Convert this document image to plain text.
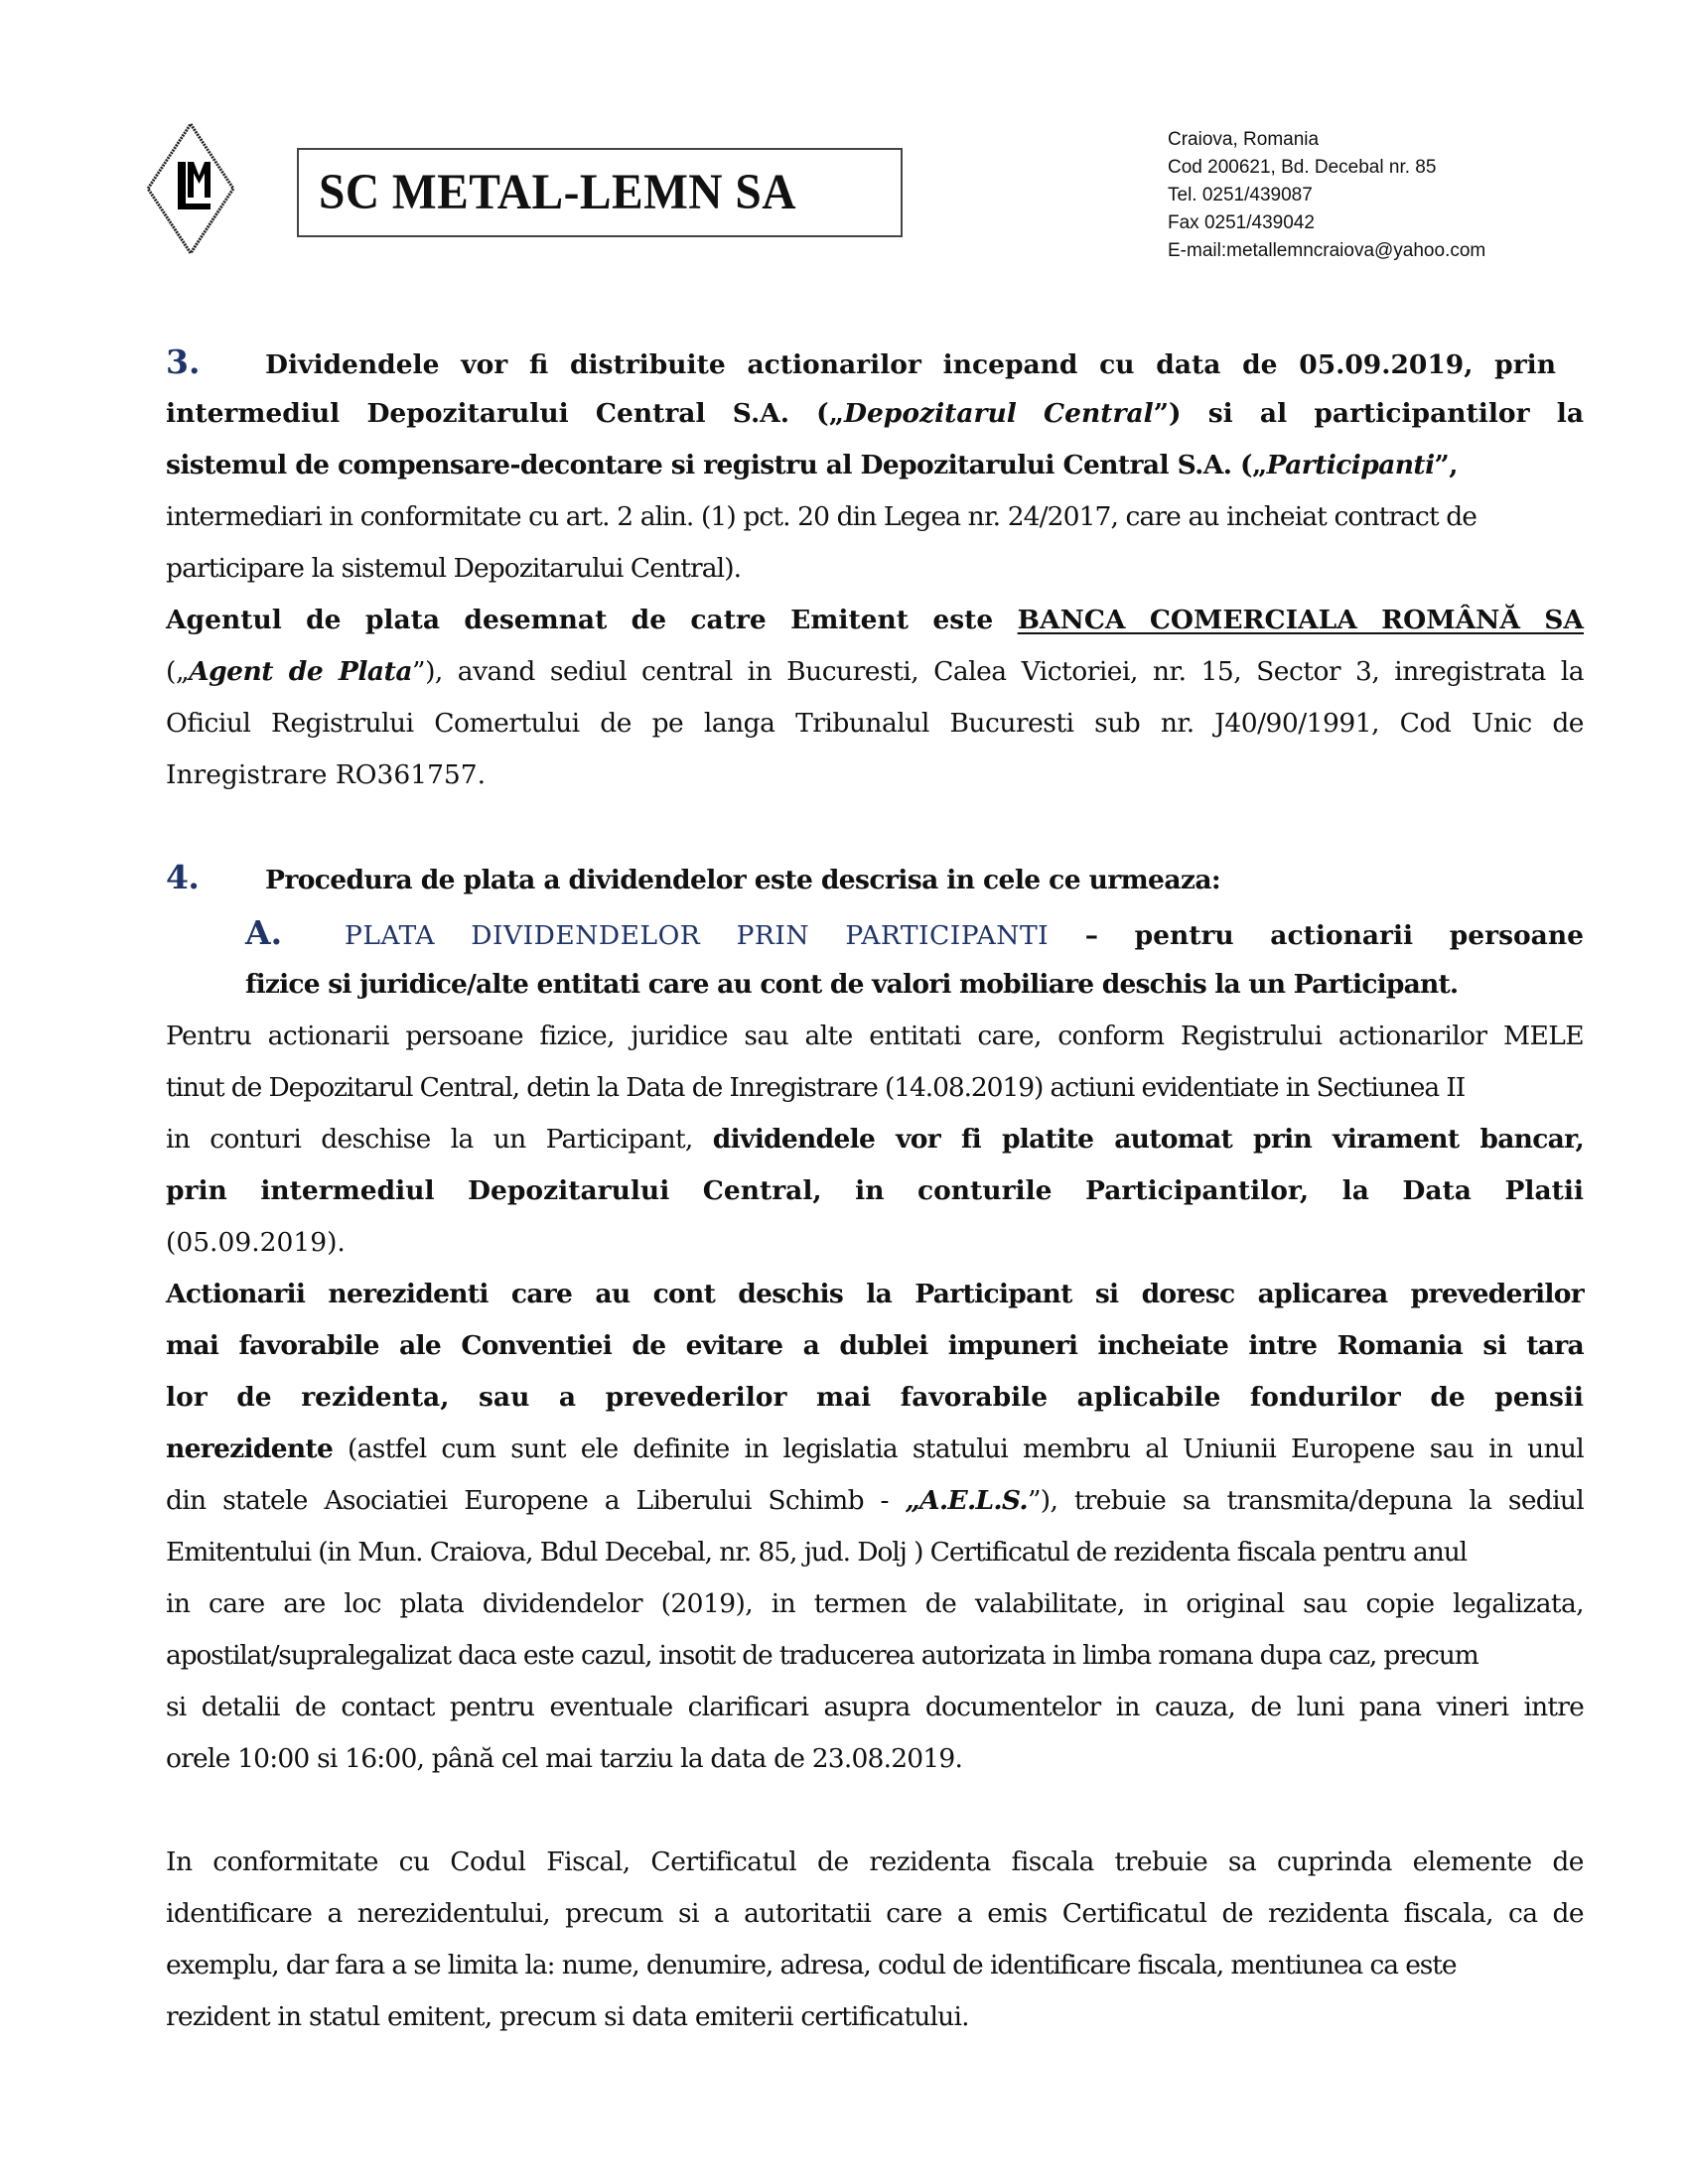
SC METAL-LEMN SA
Craiova, Romania
Cod 200621, Bd. Decebal nr. 85
Tel. 0251/439087
Fax 0251/439042
E-mail:metallemncraiova@yahoo.com
3. Dividendele vor fi distribuite actionarilor incepand cu data de 05.09.2019, prin
intermediul Depozitarului Central S.A. („Depozitarul Central”) si al participantilor la
sistemul de compensare-decontare si registru al Depozitarului Central S.A. („Participanti”,
intermediari in conformitate cu art. 2 alin. (1) pct. 20 din Legea nr. 24/2017, care au incheiat contract de
participare la sistemul Depozitarului Central).
Agentul de plata desemnat de catre Emitent este BANCA COMERCIALA ROMÂNĂ SA
(„Agent de Plata”), avand sediul central in Bucuresti, Calea Victoriei, nr. 15, Sector 3, inregistrata la
Oficiul Registrului Comertului de pe langa Tribunalul Bucuresti sub nr. J40/90/1991, Cod Unic de
Inregistrare RO361757.
4.	Procedura de plata a dividendelor este descrisa in cele ce urmeaza:
A. PLATA DIVIDENDELOR PRIN PARTICIPANTI – pentru actionarii persoane
fizice si juridice/alte entitati care au cont de valori mobiliare deschis la un Participant.
Pentru actionarii persoane fizice, juridice sau alte entitati care, conform Registrului actionarilor MELE
tinut de Depozitarul Central, detin la Data de Inregistrare (14.08.2019) actiuni evidentiate in Sectiunea II
in conturi deschise la un Participant, dividendele vor fi platite automat prin virament bancar,
prin intermediul Depozitarului Central, in conturile Participantilor, la Data Platii
(05.09.2019).
Actionarii nerezidenti care au cont deschis la Participant si doresc aplicarea prevederilor
mai favorabile ale Conventiei de evitare a dublei impuneri incheiate intre Romania si tara
lor de rezidenta, sau a prevederilor mai favorabile aplicabile fondurilor de pensii
nerezidente (astfel cum sunt ele definite in legislatia statului membru al Uniunii Europene sau in unul
din statele Asociatiei Europene a Liberului Schimb - „A.E.L.S.”), trebuie sa transmita/depuna la sediul
Emitentului (in Mun. Craiova, Bdul Decebal, nr. 85, jud. Dolj ) Certificatul de rezidenta fiscala pentru anul
in care are loc plata dividendelor (2019), in termen de valabilitate, in original sau copie legalizata,
apostilat/supralegalizat daca este cazul, insotit de traducerea autorizata in limba romana dupa caz, precum
si detalii de contact pentru eventuale clarificari asupra documentelor in cauza, de luni pana vineri intre
orele 10:00 si 16:00, până cel mai tarziu la data de 23.08.2019.
In conformitate cu Codul Fiscal, Certificatul de rezidenta fiscala trebuie sa cuprinda elemente de
identificare a nerezidentului, precum si a autoritatii care a emis Certificatul de rezidenta fiscala, ca de
exemplu, dar fara a se limita la: nume, denumire, adresa, codul de identificare fiscala, mentiunea ca este
rezident in statul emitent, precum si data emiterii certificatului.
